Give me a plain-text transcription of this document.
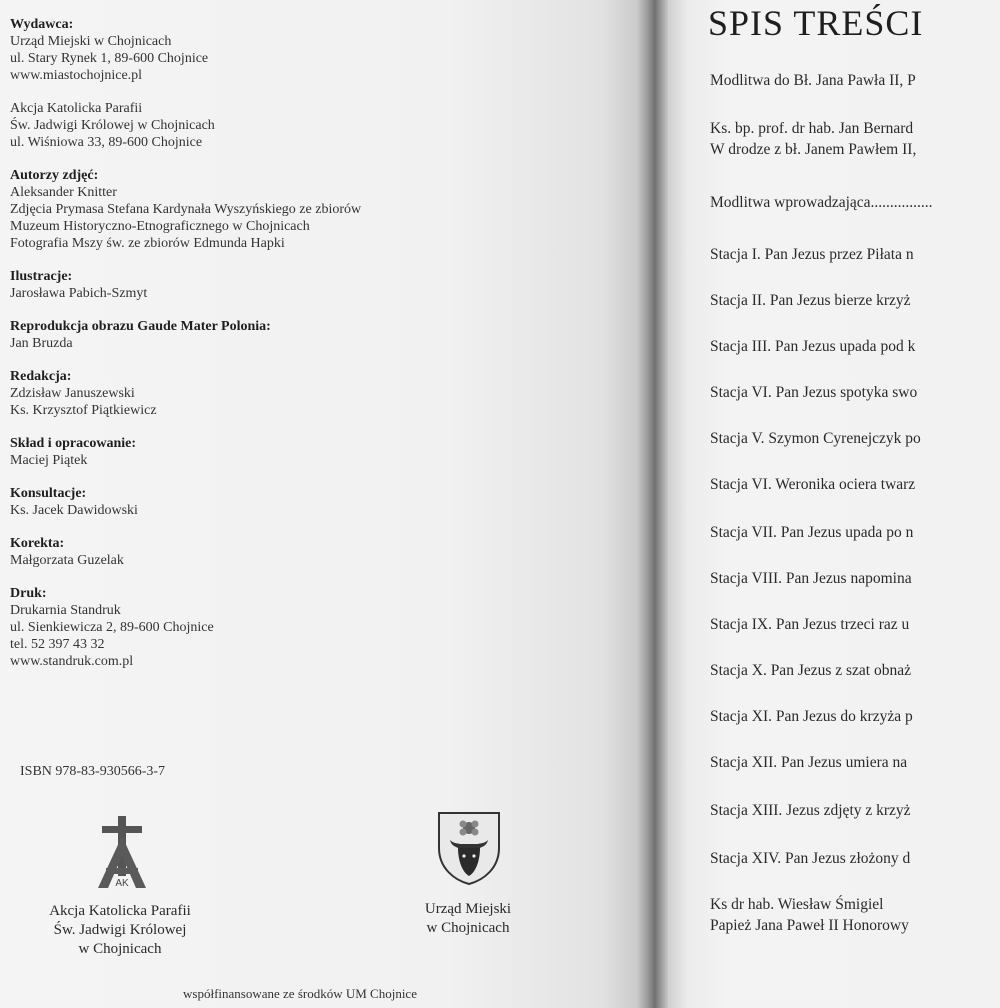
Wydawca:
Urząd Miejski w Chojnicach
ul. Stary Rynek 1, 89-600 Chojnice
www.miastochojnice.pl
Akcja Katolicka Parafii
Św. Jadwigi Królowej w Chojnicach
ul. Wiśniowa 33, 89-600 Chojnice
Autorzy zdjęć:
Aleksander Knitter
Zdjęcia Prymasa Stefana Kardynała Wyszyńskiego ze zbiorów
Muzeum Historyczno-Etnograficznego w Chojnicach
Fotografia Mszy św. ze zbiorów Edmunda Hapki
Ilustracje:
Jarosława Pabich-Szmyt
Reprodukcja obrazu Gaude Mater Polonia:
Jan Bruzda
Redakcja:
Zdzisław Januszewski
Ks. Krzysztof Piątkiewicz
Skład i opracowanie:
Maciej Piątek
Konsultacje:
Ks. Jacek Dawidowski
Korekta:
Małgorzata Guzelak
Druk:
Drukarnia Standruk
ul. Sienkiewicza 2, 89-600 Chojnice
tel. 52 397 43 32
www.standruk.com.pl
ISBN 978-83-930566-3-7
AK
Akcja Katolicka Parafii
Św. Jadwigi Królowej
w Chojnicach
Urząd Miejski
w Chojnicach
współfinansowane ze środków UM Chojnice
SPIS TREŚCI
Modlitwa do Bł. Jana Pawła II, P
Ks. bp. prof. dr hab. Jan Bernard
W drodze z bł. Janem Pawłem II,
Modlitwa wprowadzająca................
Stacja I. Pan Jezus przez Piłata n
Stacja II. Pan Jezus bierze krzyż
Stacja III. Pan Jezus upada pod k
Stacja VI. Pan Jezus spotyka swo
Stacja V. Szymon Cyrenejczyk po
Stacja VI. Weronika ociera twarz
Stacja VII. Pan Jezus upada po n
Stacja VIII. Pan Jezus napomina
Stacja IX. Pan Jezus trzeci raz u
Stacja X. Pan Jezus z szat obnaż
Stacja XI. Pan Jezus do krzyża p
Stacja XII. Pan Jezus umiera na
Stacja XIII. Jezus zdjęty z krzyż
Stacja XIV. Pan Jezus złożony d
Ks dr hab. Wiesław Śmigiel
Papież Jana Paweł II Honorowy
